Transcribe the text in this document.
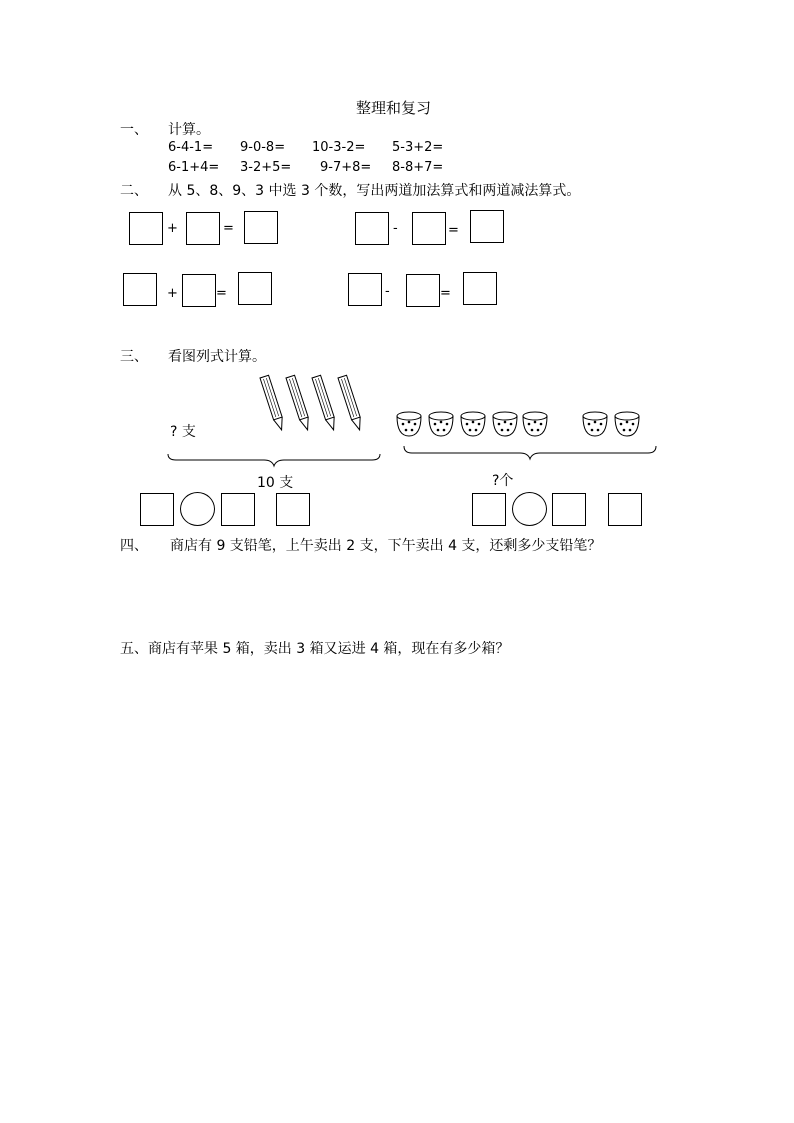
整理和复习
一、 计算。
6-4-1= 9-0-8= 10-3-2= 5-3+2=
6-1+4= 3-2+5= 9-7+8= 8-8+7=
二、 从 5、8、9、3 中选 3 个数，写出两道加法算式和两道减法算式。
+	=	-	=
+	=	-	=
三、 看图列式计算。
? 支
10 支	?个
四、 商店有 9 支铅笔，上午卖出 2 支，下午卖出 4 支，还剩多少支铅笔？
五、商店有苹果 5 箱，卖出 3 箱又运进 4 箱，现在有多少箱？
